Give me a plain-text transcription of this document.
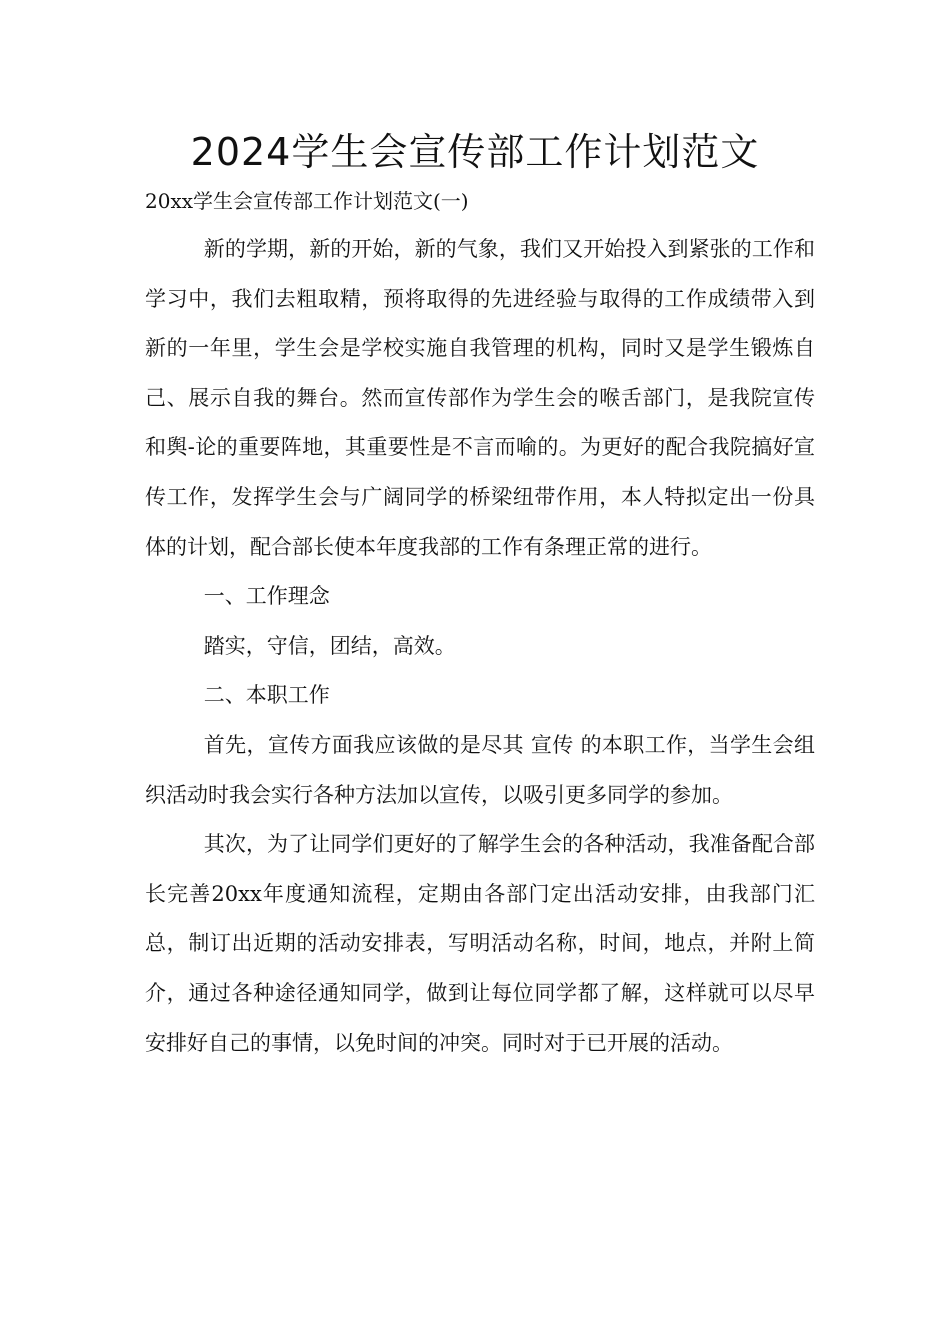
2024学生会宣传部工作计划范文
20xx学生会宣传部工作计划范文(一)

新的学期，新的开始，新的气象，我们又开始投入到紧张的工作和学习中，我们去粗取精，预将取得的先进经验与取得的工作成绩带入到新的一年里，学生会是学校实施自我管理的机构，同时又是学生锻炼自己、展示自我的舞台。然而宣传部作为学生会的喉舌部门，是我院宣传和舆-论的重要阵地，其重要性是不言而喻的。为更好的配合我院搞好宣传工作，发挥学生会与广阔同学的桥梁纽带作用，本人特拟定出一份具体的计划，配合部长使本年度我部的工作有条理正常的进行。

一、工作理念

踏实，守信，团结，高效。

二、本职工作

首先，宣传方面我应该做的是尽其 宣传 的本职工作，当学生会组织活动时我会实行各种方法加以宣传，以吸引更多同学的参加。

其次，为了让同学们更好的了解学生会的各种活动，我准备配合部长完善20xx年度通知流程，定期由各部门定出活动安排，由我部门汇总，制订出近期的活动安排表，写明活动名称，时间，地点，并附上简介，通过各种途径通知同学，做到让每位同学都了解，这样就可以尽早安排好自己的事情，以免时间的冲突。同时对于已开展的活动。
